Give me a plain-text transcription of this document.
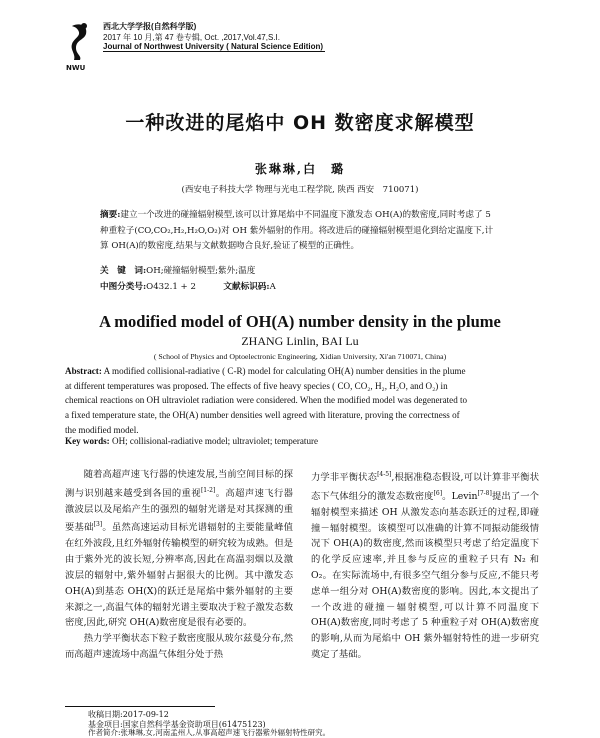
NWU
西北大学学报(自然科学版)
2017 年 10 月,第 47 卷专辑, Oct. ,2017,Vol.47,S.I.
Journal of Northwest University ( Natural Science Edition)
一种改进的尾焰中 OH 数密度求解模型
张琳琳,白　璐
(西安电子科技大学 物理与光电工程学院, 陕西 西安　710071)

摘要:建立一个改进的碰撞辐射模型,该可以计算尾焰中不同温度下激发态 OH(A)的数密度,同时考虑了 5 种重粒子(CO,CO₂,H₂,H₂O,O₂)对 OH 紫外辐射的作用。将改进后的碰撞辐射模型退化到给定温度下,计算 OH(A)的数密度,结果与文献数据吻合良好,验证了模型的正确性。

关　键　词:OH;碰撞辐射模型;紫外;温度
中图分类号:O432.1 + 2	文献标识码:A
A modified model of OH(A) number density in the plume
ZHANG Linlin, BAI Lu
( School of Physics and Optoelectronic Engineering, Xidian University, Xi'an 710071, China)

Abstract: A modified collisional-radiative ( C-R) model for calculating OH(A) number densities in the plume
at different temperatures was proposed. The effects of five heavy species ( CO, CO₂, H₂, H₂O, and O₂) in
chemical reactions on OH ultraviolet radiation were considered. When the modified model was degenerated to
a fixed temperature state, the OH(A) number densities well agreed with literature, proving the correctness of
the modified model.

Key words: OH; collisional-radiative model; ultraviolet; temperature

　　随着高超声速飞行器的快速发展,当前空间目标的探测与识别越来越受到各国的重视[1-2]。高超声速飞行器激波层以及尾焰产生的强烈的辐射光谱是对其探测的重要基础[3]。虽然高速运动目标光谱辐射的主要能量峰值在红外波段,且红外辐射传输模型的研究较为成熟。但是由于紫外光的波长短,分辨率高,因此在高温羽烟以及激波层的辐射中,紫外辐射占据很大的比例。其中激发态 OH(A)到基态 OH(X)的跃迁是尾焰中紫外辐射的主要来源之一,高温气体的辐射光谱主要取决于粒子激发态数密度,因此,研究 OH(A)数密度是很有必要的。

　　热力学平衡状态下粒子数密度服从玻尔兹曼分布,然而高超声速流场中高温气体组分处于热

力学非平衡状态[4-5],根据准稳态假设,可以计算非平衡状态下气体组分的激发态数密度[6]。Levin[7-8]提出了一个辐射模型来描述 OH 从激发态向基态跃迁的过程,即碰撞－辐射模型。该模型可以准确的计算不同振动能级情况下 OH(A)的数密度,然而该模型只考虑了给定温度下的化学反应速率,并且参与反应的重粒子只有 N₂ 和 O₂。在实际流场中,有很多空气组分参与反应,不能只考虑单一组分对 OH(A)数密度的影响。因此,本文提出了一个改进的碰撞－辐射模型,可以计算不同温度下 OH(A)数密度,同时考虑了 5 种重粒子对 OH(A)数密度的影响,从而为尾焰中 OH 紫外辐射特性的进一步研究奠定了基础。

收稿日期:2017-09-12
基金项目:国家自然科学基金资助项目(61475123)
作者简介:张琳琳,女,河南孟州人,从事高超声速飞行器紫外辐射特性研究。
